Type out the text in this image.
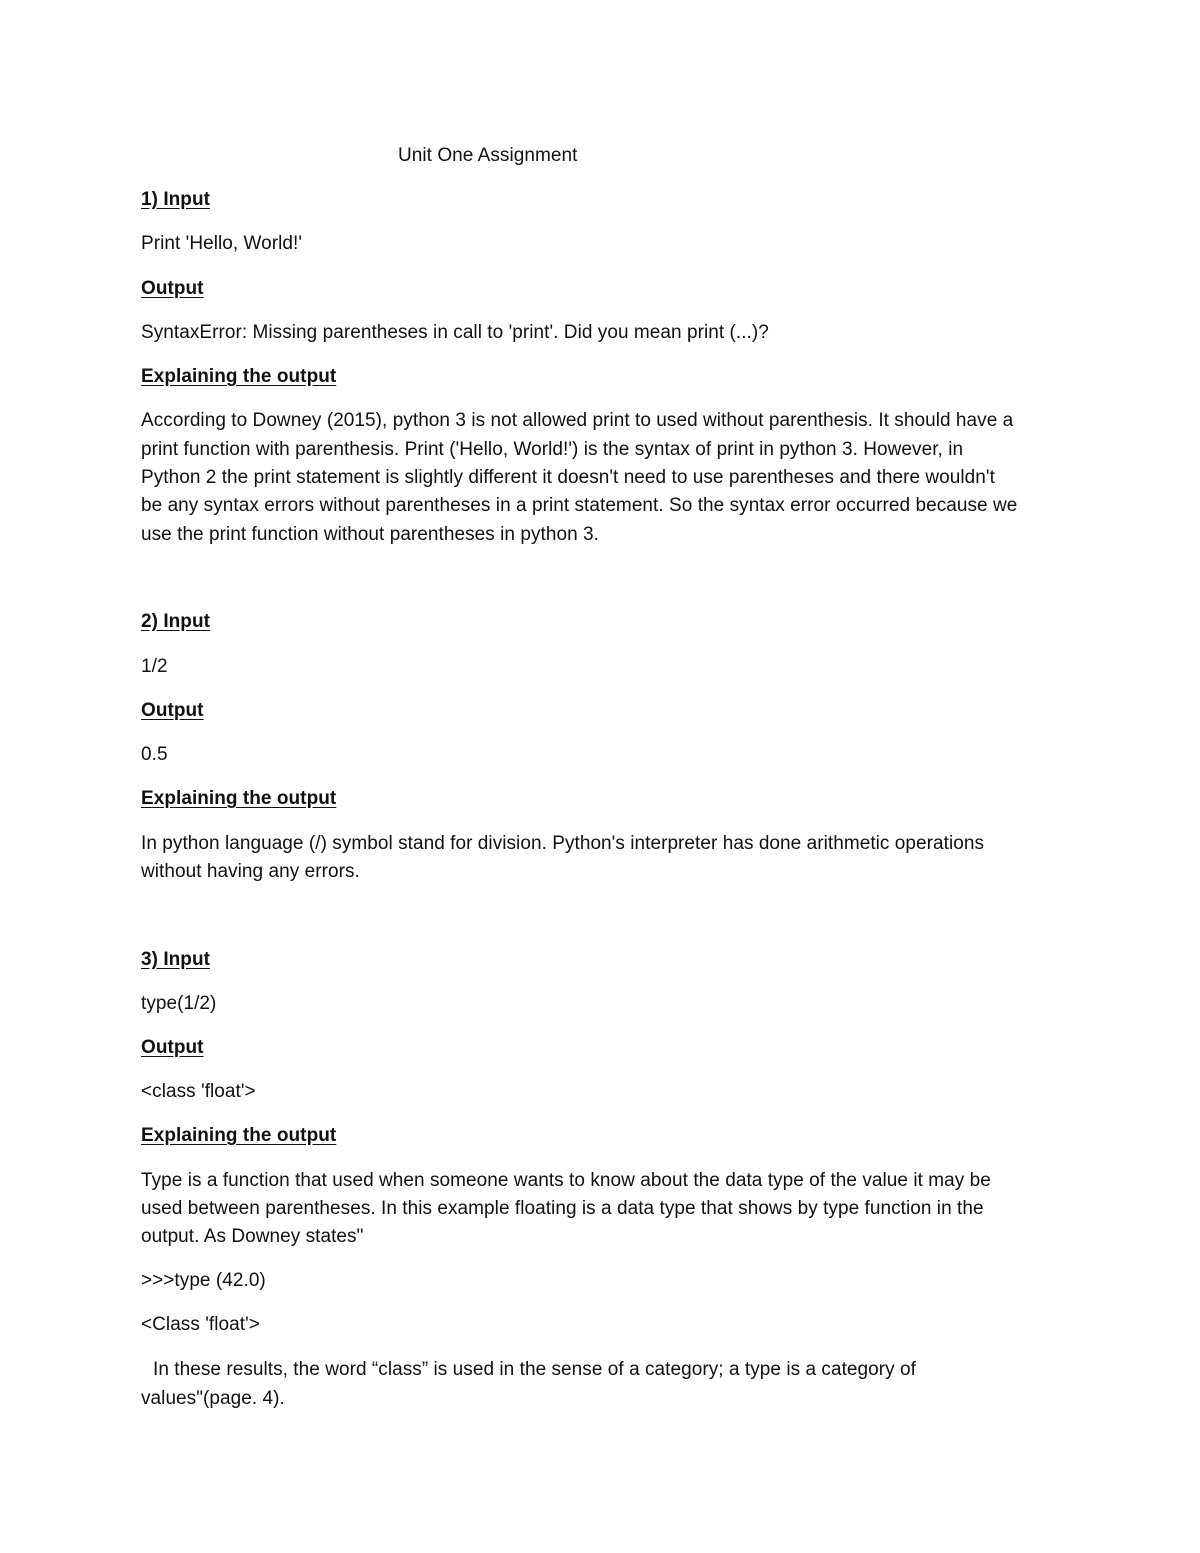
Unit One Assignment
1) Input
Print 'Hello, World!'
Output
SyntaxError: Missing parentheses in call to 'print'. Did you mean print (...)?
Explaining the output
According to Downey (2015), python 3 is not allowed print to used without parenthesis. It should have a
print function with parenthesis. Print ('Hello, World!') is the syntax of print in python 3. However, in
Python 2 the print statement is slightly different it doesn't need to use parentheses and there wouldn't
be any syntax errors without parentheses in a print statement. So the syntax error occurred because we
use the print function without parentheses in python 3.
2) Input
1/2
Output
0.5
Explaining the output
In python language (/) symbol stand for division. Python's interpreter has done arithmetic operations
without having any errors.
3) Input
type(1/2)
Output
<class 'float'>
Explaining the output
Type is a function that used when someone wants to know about the data type of the value it may be
used between parentheses. In this example floating is a data type that shows by type function in the
output. As Downey states"
>>>type (42.0)
<Class 'float'>
In these results, the word “class” is used in the sense of a category; a type is a category of
values"(page. 4).
